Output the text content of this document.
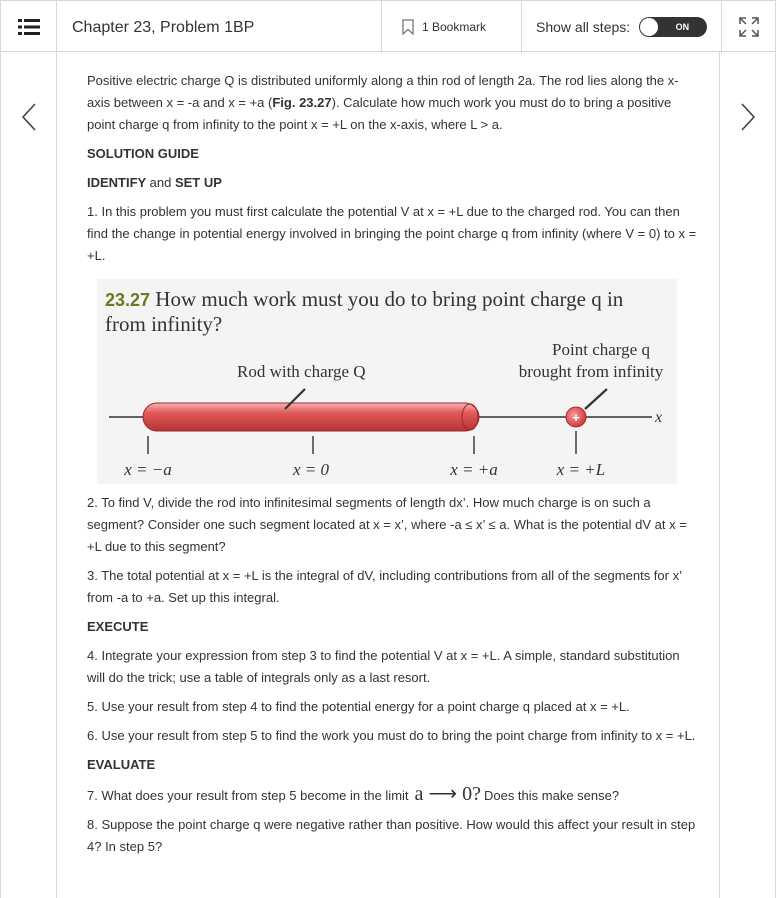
Chapter 23, Problem 1BP	1 Bookmark	Show all steps:	ON

Positive electric charge Q is distributed uniformly along a thin rod of length 2a. The rod lies along the x-axis between x = -a and x = +a (Fig. 23.27). Calculate how much work you must do to bring a positive point charge q from infinity to the point x = +L on the x-axis, where L > a.

SOLUTION GUIDE
IDENTIFY and SET UP

1. In this problem you must first calculate the potential V at x = +L due to the charged rod. You can then find the change in potential energy involved in bringing the point charge q from infinity (where V = 0) to x = +L.

x
Rod with charge Q
+
Point charge q
brought from infinity
x = −a	x = 0	x = +a	x = +L
23.27 How much work must you do to bring point charge q in from infinity?

2. To find V, divide the rod into infinitesimal segments of length dx’. How much charge is on such a segment? Consider one such segment located at x = x’, where -a ≤ x’ ≤ a. What is the potential dV at x = +L due to this segment?

3. The total potential at x = +L is the integral of dV, including contributions from all of the segments for x’ from -a to +a. Set up this integral.

EXECUTE

4. Integrate your expression from step 3 to find the potential V at x = +L. A simple, standard substitution will do the trick; use a table of integrals only as a last resort.

5. Use your result from step 4 to find the potential energy for a point charge q placed at x = +L.

6. Use your result from step 5 to find the work you must do to bring the point charge from infinity to x = +L.

EVALUATE

7. What does your result from step 5 become in the limit a ⟶ 0? Does this make sense?

8. Suppose the point charge q were negative rather than positive. How would this affect your result in step 4? In step 5?
